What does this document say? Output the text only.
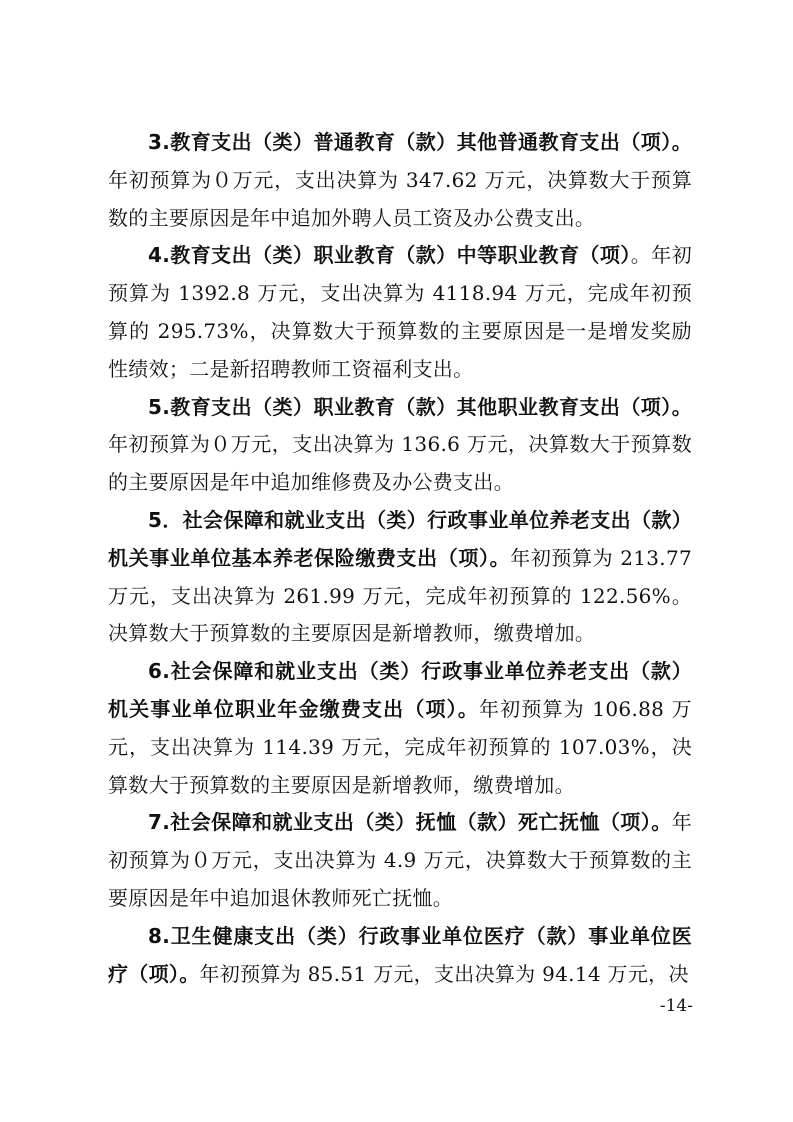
3.教育支出（类）普通教育（款）其他普通教育支出（项）。年初预算为０万元，支出决算为 347.62 万元，决算数大于预算数的主要原因是年中追加外聘人员工资及办公费支出。

4.教育支出（类）职业教育（款）中等职业教育（项）。年初预算为 1392.8 万元，支出决算为 4118.94 万元，完成年初预算的 295.73%，决算数大于预算数的主要原因是一是增发奖励性绩效；二是新招聘教师工资福利支出。

5.教育支出（类）职业教育（款）其他职业教育支出（项）。年初预算为０万元，支出决算为 136.6 万元，决算数大于预算数的主要原因是年中追加维修费及办公费支出。

5．社会保障和就业支出（类）行政事业单位养老支出（款）机关事业单位基本养老保险缴费支出（项）。年初预算为 213.77 万元，支出决算为 261.99 万元，完成年初预算的 122.56%。决算数大于预算数的主要原因是新增教师，缴费增加。

6.社会保障和就业支出（类）行政事业单位养老支出（款）机关事业单位职业年金缴费支出（项）。年初预算为 106.88 万元，支出决算为 114.39 万元，完成年初预算的 107.03%，决算数大于预算数的主要原因是新增教师，缴费增加。

7.社会保障和就业支出（类）抚恤（款）死亡抚恤（项）。年初预算为０万元，支出决算为 4.9 万元，决算数大于预算数的主要原因是年中追加退休教师死亡抚恤。

8.卫生健康支出（类）行政事业单位医疗（款）事业单位医疗（项）。年初预算为 85.51 万元，支出决算为 94.14 万元，决

-14-
